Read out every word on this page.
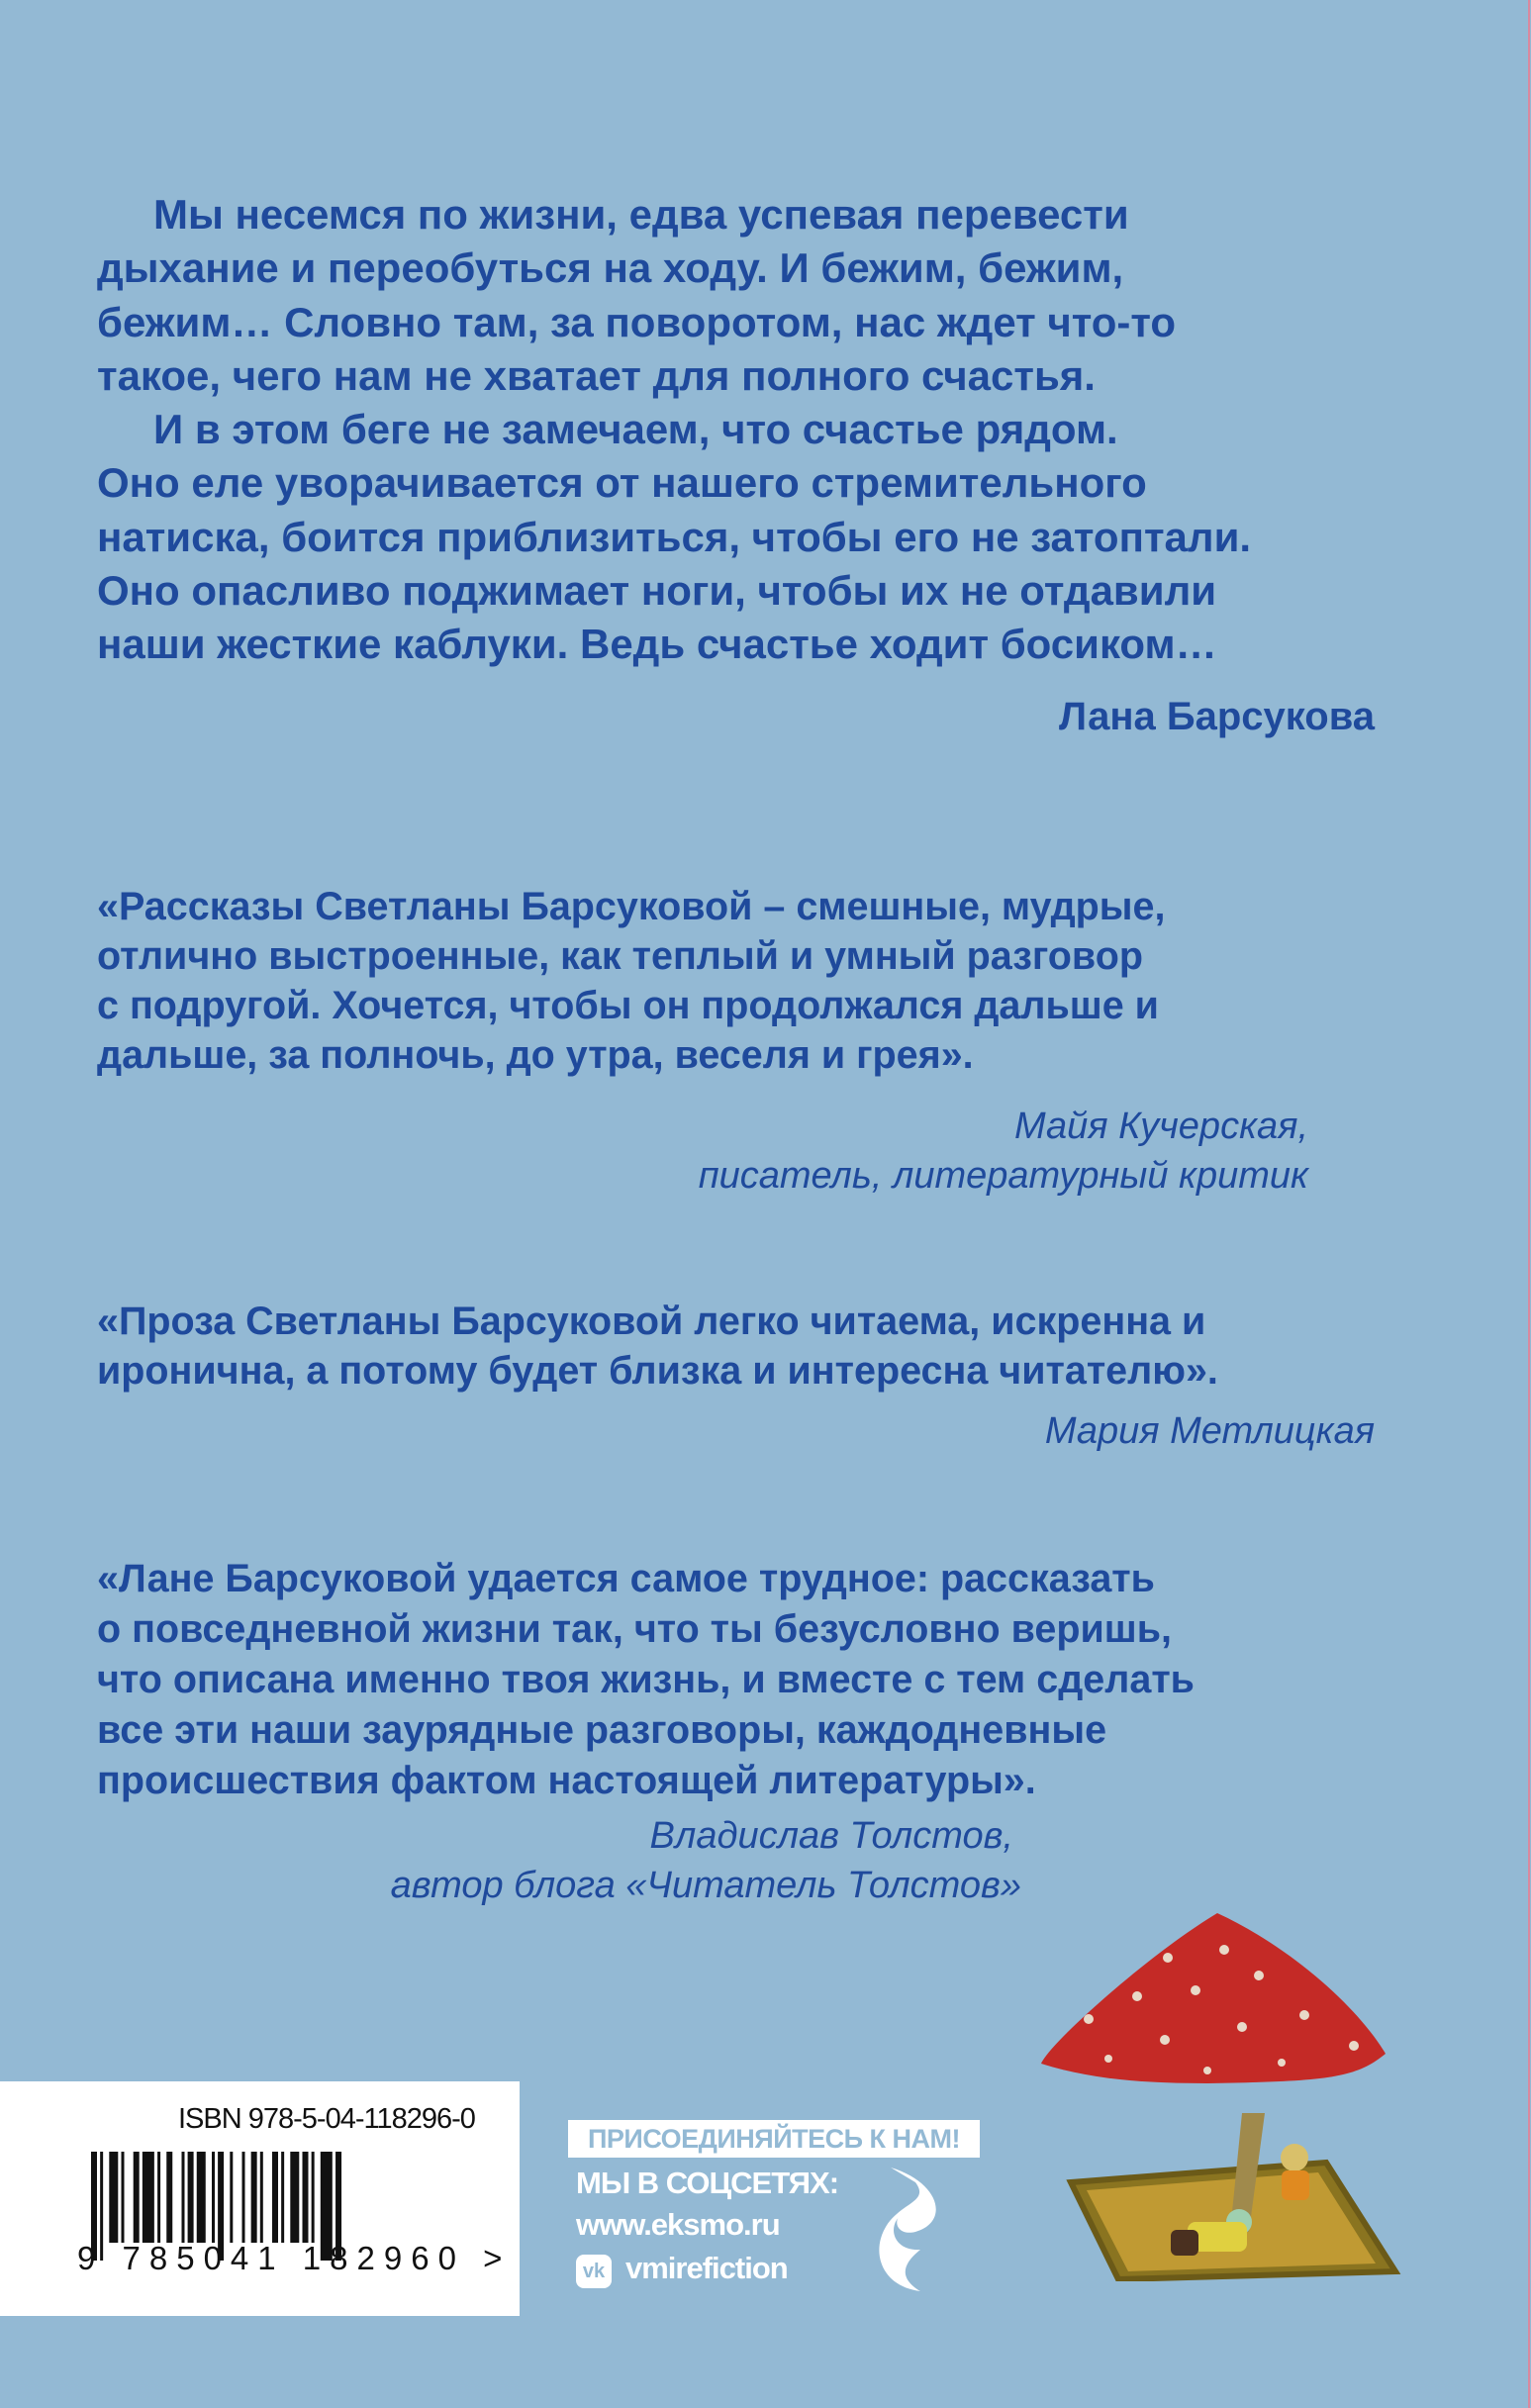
Мы несемся по жизни, едва успевая перевести
дыхание и переобуться на ходу. И бежим, бежим,
бежим… Словно там, за поворотом, нас ждет что-то
такое, чего нам не хватает для полного счастья.
И в этом беге не замечаем, что счастье рядом.
Оно еле уворачивается от нашего стремительного
натиска, боится приблизиться, чтобы его не затоптали.
Оно опасливо поджимает ноги, чтобы их не отдавили
наши жесткие каблуки. Ведь счастье ходит босиком…
Лана Барсукова
«Рассказы Светланы Барсуковой – смешные, мудрые,
отлично выстроенные, как теплый и умный разговор
с подругой. Хочется, чтобы он продолжался дальше и
дальше, за полночь, до утра, веселя и грея».
Майя Кучерская,
писатель, литературный критик
«Проза Светланы Барсуковой легко читаема, искренна и
иронична, а потому будет близка и интересна читателю».
Мария Метлицкая
«Лане Барсуковой удается самое трудное: рассказать
о повседневной жизни так, что ты безусловно веришь,
что описана именно твоя жизнь, и вместе с тем сделать
все эти наши заурядные разговоры, каждодневные
происшествия фактом настоящей литературы».
Владислав Толстов,
автор блога «Читатель Толстов»
ISBN 978-5-04-118296-0
9 785041 182960 >
ПРИСОЕДИНЯЙТЕСЬ К НАМ!
МЫ В СОЦСЕТЯХ:
www.eksmo.ru
vk vmirefiction
